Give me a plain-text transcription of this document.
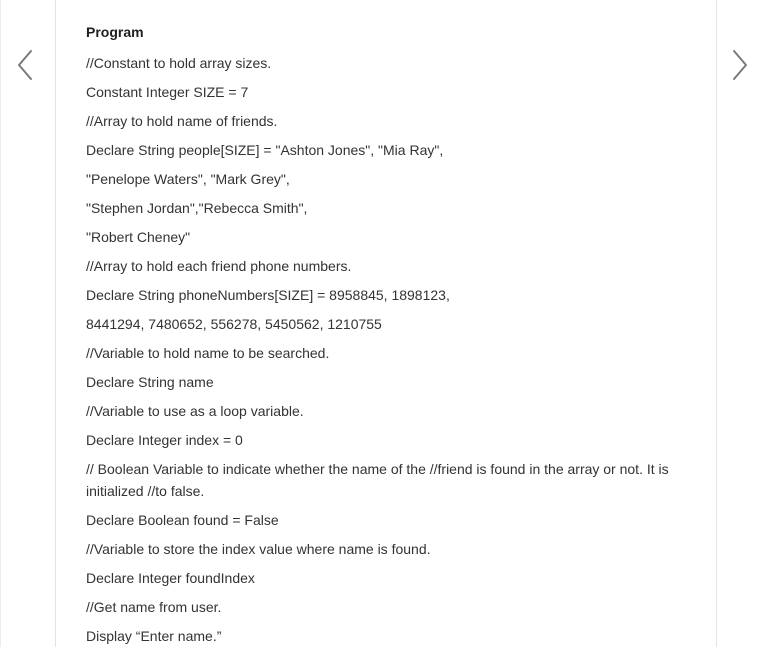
Program
//Constant to hold array sizes.
Constant Integer SIZE = 7
//Array to hold name of friends.
Declare String people[SIZE] = "Ashton Jones", "Mia Ray",
"Penelope Waters", "Mark Grey",
"Stephen Jordan","Rebecca Smith",
"Robert Cheney"
//Array to hold each friend phone numbers.
Declare String phoneNumbers[SIZE] = 8958845, 1898123,
8441294, 7480652, 556278, 5450562, 1210755
//Variable to hold name to be searched.
Declare String name
//Variable to use as a loop variable.
Declare Integer index = 0
// Boolean Variable to indicate whether the name of the //friend is found in the array or not. It is initialized //to false.
Declare Boolean found = False
//Variable to store the index value where name is found.
Declare Integer foundIndex
//Get name from user.
Display “Enter name.”
